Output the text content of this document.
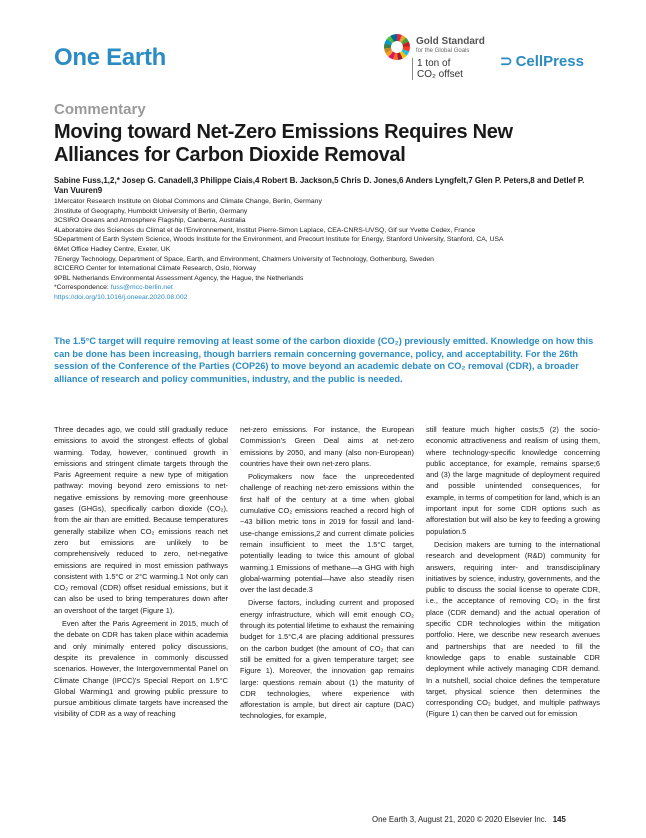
One Earth
Gold Standard
for the Global Goals
1 ton of
CO₂ offset
⊃ CellPress
Commentary
Moving toward Net-Zero Emissions Requires New Alliances for Carbon Dioxide Removal
Sabine Fuss,1,2,* Josep G. Canadell,3 Philippe Ciais,4 Robert B. Jackson,5 Chris D. Jones,6 Anders Lyngfelt,7 Glen P. Peters,8 and Detlef P. Van Vuuren9
1Mercator Research Institute on Global Commons and Climate Change, Berlin, Germany
2Institute of Geography, Humboldt University of Berlin, Germany
3CSIRO Oceans and Atmosphere Flagship, Canberra, Australia
4Laboratoire des Sciences du Climat et de l'Environnement, Institut Pierre-Simon Laplace, CEA-CNRS-UVSQ, Gif sur Yvette Cedex, France
5Department of Earth System Science, Woods Institute for the Environment, and Precourt Institute for Energy, Stanford University, Stanford, CA, USA
6Met Office Hadley Centre, Exeter, UK
7Energy Technology, Department of Space, Earth, and Environment, Chalmers University of Technology, Gothenburg, Sweden
8CICERO Center for International Climate Research, Oslo, Norway
9PBL Netherlands Environmental Assessment Agency, the Hague, the Netherlands
*Correspondence: fuss@mcc-berlin.net
https://doi.org/10.1016/j.oneear.2020.08.002
The 1.5°C target will require removing at least some of the carbon dioxide (CO₂) previously emitted. Knowledge on how this can be done has been increasing, though barriers remain concerning governance, policy, and acceptability. For the 26th session of the Conference of the Parties (COP26) to move beyond an academic debate on CO₂ removal (CDR), a broader alliance of research and policy communities, industry, and the public is needed.

Three decades ago, we could still gradually reduce emissions to avoid the strongest effects of global warming. Today, however, continued growth in emissions and stringent climate targets through the Paris Agreement require a new type of mitigation pathway: moving beyond zero emissions to net-negative emissions by removing more greenhouse gases (GHGs), specifically carbon dioxide (CO₂), from the air than are emitted. Because temperatures generally stabilize when CO₂ emissions reach net zero but emissions are unlikely to be comprehensively reduced to zero, net-negative emissions are required in most emission pathways consistent with 1.5°C or 2°C warming.1 Not only can CO₂ removal (CDR) offset residual emissions, but it can also be used to bring temperatures down after an overshoot of the target (Figure 1).

Even after the Paris Agreement in 2015, much of the debate on CDR has taken place within academia and only minimally entered policy discussions, despite its prevalence in commonly discussed scenarios. However, the Intergovernmental Panel on Climate Change (IPCC)'s Special Report on 1.5°C Global Warming1 and growing public pressure to pursue ambitious climate targets have increased the visibility of CDR as a way of reaching

net-zero emissions. For instance, the European Commission's Green Deal aims at net-zero emissions by 2050, and many (also non-European) countries have their own net-zero plans.

Policymakers now face the unprecedented challenge of reaching net-zero emissions within the first half of the century at a time when global cumulative CO₂ emissions reached a record high of ~43 billion metric tons in 2019 for fossil and land-use-change emissions,2 and current climate policies remain insufficient to meet the 1.5°C target, potentially leading to twice this amount of global warming.1 Emissions of methane—a GHG with high global-warming potential—have also steadily risen over the last decade.3

Diverse factors, including current and proposed energy infrastructure, which will emit enough CO₂ through its potential lifetime to exhaust the remaining budget for 1.5°C,4 are placing additional pressures on the carbon budget (the amount of CO₂ that can still be emitted for a given temperature target; see Figure 1). Moreover, the innovation gap remains large: questions remain about (1) the maturity of CDR technologies, where experience with afforestation is ample, but direct air capture (DAC) technologies, for example,

still feature much higher costs;5 (2) the socio-economic attractiveness and realism of using them, where technology-specific knowledge concerning public acceptance, for example, remains sparse;6 and (3) the large magnitude of deployment required and possible unintended consequences, for example, in terms of competition for land, which is an important input for some CDR options such as afforestation but will also be key to feeding a growing population.5

Decision makers are turning to the international research and development (R&D) community for answers, requiring inter- and transdisciplinary initiatives by science, industry, governments, and the public to discuss the social license to operate CDR, i.e., the acceptance of removing CO₂ in the first place (CDR demand) and the actual operation of specific CDR technologies within the mitigation portfolio. Here, we describe new research avenues and partnerships that are needed to fill the knowledge gaps to enable sustainable CDR deployment while actively managing CDR demand. In a nutshell, social choice defines the temperature target, physical science then determines the corresponding CO₂ budget, and multiple pathways (Figure 1) can then be carved out for emission

One Earth 3, August 21, 2020 © 2020 Elsevier Inc. 145
